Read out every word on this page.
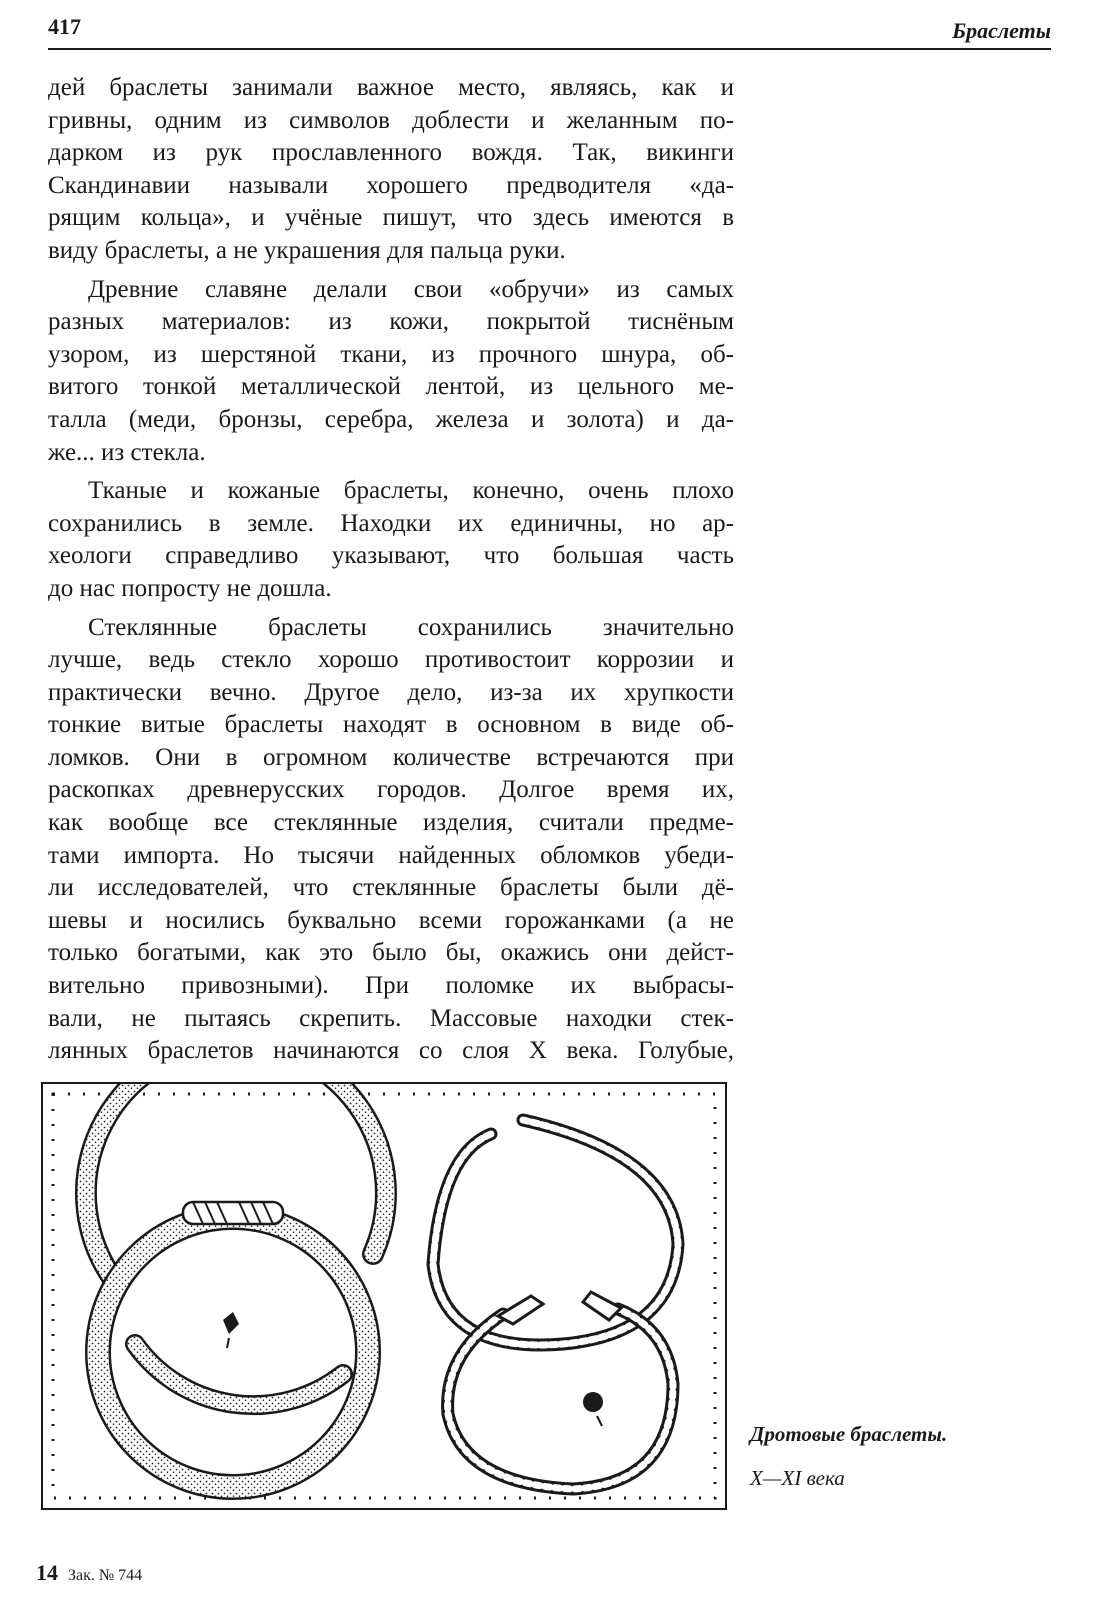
417	Браслеты
дей браслеты занимали важное место, являясь, как и
гривны, одним из символов доблести и желанным по-
дарком из рук прославленного вождя. Так, викинги
Скандинавии называли хорошего предводителя «да-
рящим кольца», и учёные пишут, что здесь имеются в
виду браслеты, а не украшения для пальца руки.
Древние славяне делали свои «обручи» из самых
разных материалов: из кожи, покрытой тиснёным
узором, из шерстяной ткани, из прочного шнура, об-
витого тонкой металлической лентой, из цельного ме-
талла (меди, бронзы, серебра, железа и золота) и да-
же... из стекла.
Тканые и кожаные браслеты, конечно, очень плохо
сохранились в земле. Находки их единичны, но ар-
хеологи справедливо указывают, что большая часть
до нас попросту не дошла.
Стеклянные браслеты сохранились значительно
лучше, ведь стекло хорошо противостоит коррозии и
практически вечно. Другое дело, из-за их хрупкости
тонкие витые браслеты находят в основном в виде об-
ломков. Они в огромном количестве встречаются при
раскопках древнерусских городов. Долгое время их,
как вообще все стеклянные изделия, считали предме-
тами импорта. Но тысячи найденных обломков убеди-
ли исследователей, что стеклянные браслеты были дё-
шевы и носились буквально всеми горожанками (а не
только богатыми, как это было бы, окажись они дейст-
вительно привозными). При поломке их выбрасы-
вали, не пытаясь скрепить. Массовые находки стек-
лянных браслетов начинаются со слоя X века. Голубые,
Дротовые браслеты.
X—XI века
14 Зак. № 744
